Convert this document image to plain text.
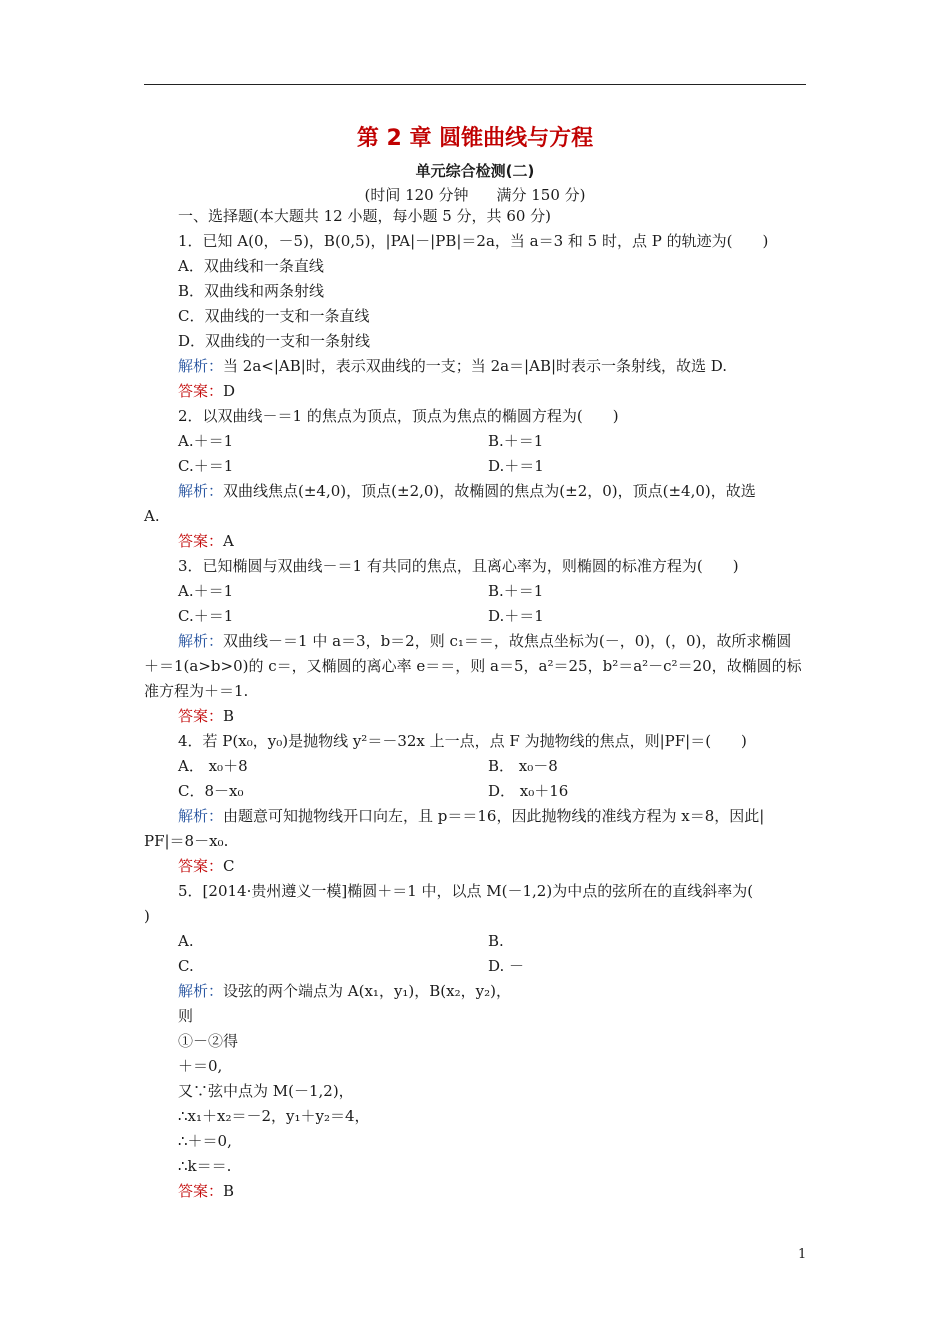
第 2 章 圆锥曲线与方程
单元综合检测(二)
(时间 120 分钟 满分 150 分)
一、选择题(本大题共 12 小题，每小题 5 分，共 60 分)
1．已知 A(0，－5)，B(0,5)，|PA|－|PB|＝2a，当 a＝3 和 5 时，点 P 的轨迹为(　　)
A．双曲线和一条直线
B．双曲线和两条射线
C．双曲线的一支和一条直线
D．双曲线的一支和一条射线
解析：当 2a<|AB|时，表示双曲线的一支；当 2a＝|AB|时表示一条射线，故选 D.
答案：D
2．以双曲线－＝1 的焦点为顶点，顶点为焦点的椭圆方程为(　　)
A.＋＝1	B.＋＝1
C.＋＝1	D.＋＝1
解析：双曲线焦点(±4,0)，顶点(±2,0)，故椭圆的焦点为(±2，0)，顶点(±4,0)，故选
A.
答案：A
3．已知椭圆与双曲线－＝1 有共同的焦点，且离心率为，则椭圆的标准方程为(　　)
A.＋＝1	B.＋＝1
C.＋＝1	D.＋＝1
解析：双曲线－＝1 中 a＝3，b＝2，则 c₁＝＝，故焦点坐标为(－，0)，(，0)，故所求椭圆
＋＝1(a>b>0)的 c＝，又椭圆的离心率 e＝＝，则 a＝5，a²＝25，b²＝a²－c²＝20，故椭圆的标
准方程为＋＝1.
答案：B
4．若 P(x₀，y₀)是抛物线 y²＝－32x 上一点，点 F 为抛物线的焦点，则|PF|＝(　　)
A． x₀＋8	B． x₀－8
C．8－x₀	D． x₀＋16
解析：由题意可知抛物线开口向左，且 p＝＝16，因此抛物线的准线方程为 x＝8，因此|
PF|＝8－x₀.
答案：C
5．[2014·贵州遵义一模]椭圆＋＝1 中，以点 M(－1,2)为中点的弦所在的直线斜率为(
)
A.	B.
C.	D. －
解析：设弦的两个端点为 A(x₁，y₁)，B(x₂，y₂)，
则
①－②得
＋＝0,
又∵弦中点为 M(－1,2)，
∴x₁＋x₂＝－2，y₁＋y₂＝4，
∴＋＝0,
∴k＝＝.
答案：B
1
